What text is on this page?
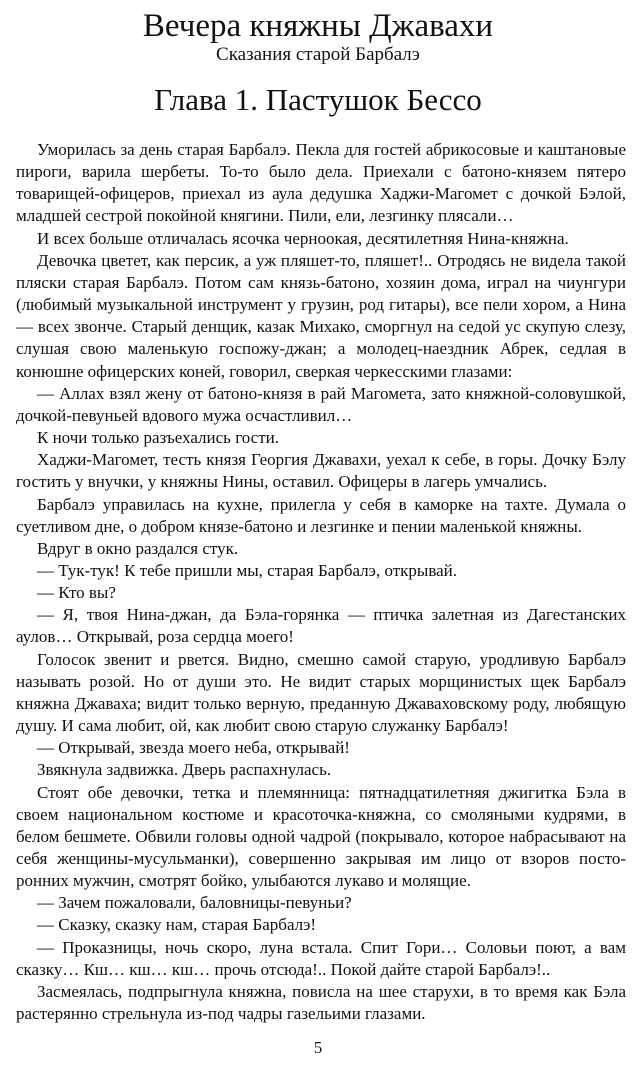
Вечера княжны Джавахи
Сказания старой Барбалэ
Глава 1. Пастушок Бессо

Уморилась за день старая Барбалэ. Пекла для гостей абрикосовые и каштановые пироги, варила шербеты. То-то было дела. Приехали с батоно-князем пятеро товарищей-офицеров, приехал из аула дедушка Хаджи-Магомет с дочкой Бэлой, младшей сестрой покойной княгини. Пили, ели, лезгинку плясали…

И всех больше отличалась ясочка черноокая, десятилетняя Нина-княжна.

Девочка цветет, как персик, а уж пляшет-то, пляшет!.. Отродясь не видела такой пляски старая Барбалэ. Потом сам князь-батоно, хозяин дома, играл на чиунгури (любимый музыкальной инструмент у грузин, род гитары), все пели хором, а Нина — всех звонче. Старый денщик, казак Михако, сморгнул на седой ус скупую слезу, слушая свою маленькую госпожу-джан; а молодец-наездник Абрек, седлая в конюшне офицерских коней, говорил, сверкая черкесскими глазами:

— Аллах взял жену от батоно-князя в рай Магомета, зато княжной-соловушкой, дочкой-певуньей вдового мужа осчастливил…

К ночи только разъехались гости.

Хаджи-Магомет, тесть князя Георгия Джавахи, уехал к себе, в горы. Дочку Бэлу гостить у внучки, у княжны Нины, оставил. Офицеры в лагерь умчались.

Барбалэ управилась на кухне, прилегла у себя в каморке на тахте. Думала о суетливом дне, о добром князе-батоно и лезгинке и пении маленькой княжны.

Вдруг в окно раздался стук.

— Тук-тук! К тебе пришли мы, старая Барбалэ, открывай.

— Кто вы?

— Я, твоя Нина-джан, да Бэла-горянка — птичка залетная из Дагестанских аулов… Открывай, роза сердца моего!

Голосок звенит и рвется. Видно, смешно самой старую, уродливую Барбалэ называть розой. Но от души это. Не видит старых морщинистых щек Барбалэ княжна Джаваха; видит только верную, преданную Джаваховскому роду, любящую душу. И сама любит, ой, как любит свою старую служанку Барбалэ!

— Открывай, звезда моего неба, открывай!

Звякнула задвижка. Дверь распахнулась.

Стоят обе девочки, тетка и племянница: пятнадцатилетняя джигитка Бэла в своем национальном костюме и красоточка-княжна, со смоляными кудрями, в белом бешмете. Обвили головы одной чадрой (покрывало, которое набрасывают на себя женщины-мусульманки), совершенно закрывая им лицо от взоров посторонних мужчин, смотрят бойко, улыбаются лукаво и молящие.

— Зачем пожаловали, баловницы-певуньи?

— Сказку, сказку нам, старая Барбалэ!

— Проказницы, ночь скоро, луна встала. Спит Гори… Соловьи поют, а вам сказку… Кш… кш… кш… прочь отсюда!.. Покой дайте старой Барбалэ!..

Засмеялась, подпрыгнула княжна, повисла на шее старухи, в то время как Бэла растерянно стрельнула из-под чадры газельими глазами.

5
